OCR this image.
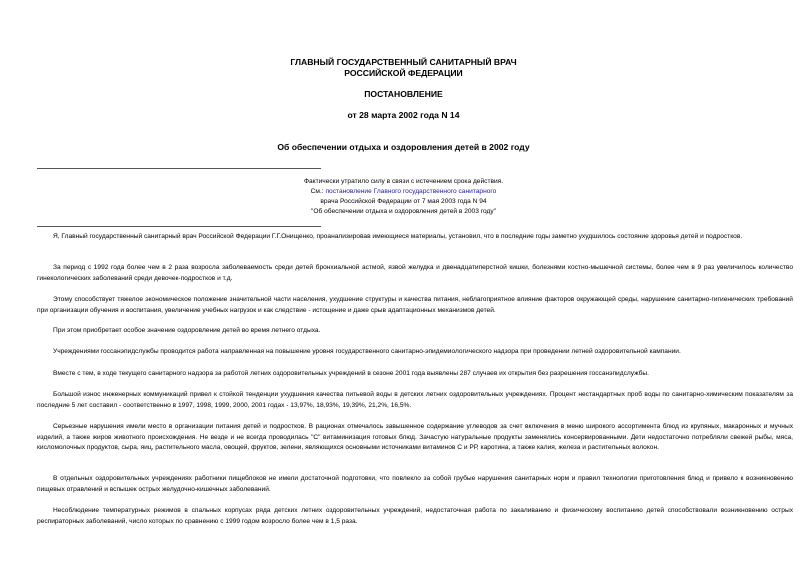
ГЛАВНЫЙ ГОСУДАРСТВЕННЫЙ САНИТАРНЫЙ ВРАЧ
РОССИЙСКОЙ ФЕДЕРАЦИИ
ПОСТАНОВЛЕНИЕ
от 28 марта 2002 года N 14
Об обеспечении отдыха и оздоровления детей в 2002 году
Фактически утратило силу в связи с истечением срока действия.
См.: постановление Главного государственного санитарного
врача Российской Федерации от 7 мая 2003 года N 94
"Об обеспечении отдыха и оздоровления детей в 2003 году"

Я, Главный государственный санитарный врач Российской Федерации Г.Г.Онищенко, проанализировав имеющиеся материалы, установил, что в последние годы заметно ухудшилось состояние здоровья детей и подростков.

За период с 1992 года более чем в 2 раза возросла заболеваемость среди детей бронхиальной астмой, язвой желудка и двенадцатиперстной кишки, болезнями костно-мышечной системы, более чем в 9 раз увеличилось количество гинекологических заболеваний среди девочек-подростков и т.д.

Этому способствует тяжелое экономическое положение значительной части населения, ухудшение структуры и качества питания, неблагоприятное влияние факторов окружающей среды, нарушение санитарно-гигиенических требований при организации обучения и воспитания, увеличение учебных нагрузок и как следствие - истощение и даже срыв адаптационных механизмов детей.

При этом приобретает особое значение оздоровление детей во время летнего отдыха.

Учреждениями госсанэпидслужбы проводится работа направленная на повышение уровня государственного санитарно-эпидемиологического надзора при проведении летней оздоровительной кампании.

Вместе с тем, в ходе текущего санитарного надзора за работой летних оздоровительных учреждений в сезоне 2001 года выявлены 287 случаев их открытия без разрешения госсанэпидслужбы.

Большой износ инженерных коммуникаций привел к стойкой тенденции ухудшения качества питьевой воды в детских летних оздоровительных учреждениях. Процент нестандартных проб воды по санитарно-химическим показателям за последние 5 лет составил - соответственно в 1997, 1998, 1999, 2000, 2001 годах - 13,97%, 18,93%, 19,39%, 21,2%, 16,5%.

Серьезные нарушения имели место в организации питания детей и подростков. В рационах отмечалось завышенное содержание углеводов за счет включения в меню широкого ассортимента блюд из крупяных, макаронных и мучных изделий, а также жиров животного происхождения. Не везде и не всегда проводилась "С" витаминизация готовых блюд. Зачастую натуральные продукты заменялись консервированными. Дети недостаточно потребляли свежей рыбы, мяса, кисломолочных продуктов, сыра, яиц, растительного масла, овощей, фруктов, зелени, являющихся основными источниками витаминов С и РР, каротина, а также калия, железа и растительных волокон.

В отдельных оздоровительных учреждениях работники пищеблоков не имели достаточной подготовки, что повлекло за собой грубые нарушения санитарных норм и правил технологии приготовления блюд и привело к возникновению пищевых отравлений и вспышек острых желудочно-кишечных заболеваний.

Несоблюдение температурных режимов в спальных корпусах ряда детских летних оздоровительных учреждений, недостаточная работа по закаливанию и физическому воспитанию детей способствовали возникновению острых респираторных заболеваний, число которых по сравнению с 1999 годом возросло более чем в 1,5 раза.
